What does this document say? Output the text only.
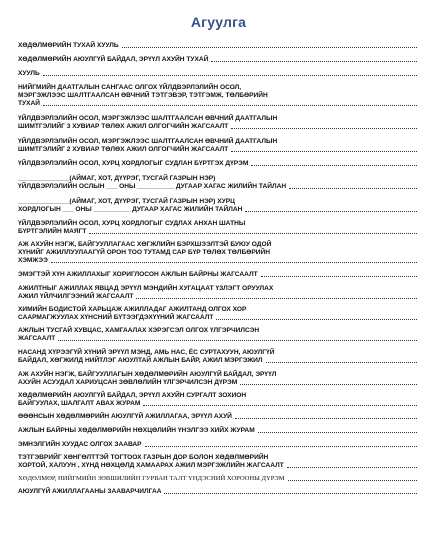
Агуулга
ХӨДӨЛМӨРИЙН ТУХАЙ ХУУЛЬ
ХӨДӨЛМӨРИЙН АЮУЛГҮЙ БАЙДАЛ, ЭРҮҮЛ АХУЙН ТУХАЙ
ХУУЛЬ
НИЙГМИЙН ДААТГАЛЫН САНГААС ОЛГОХ ҮЙЛДВЭРЛЭЛИЙН ОСОЛ,
МЭРГЭЖЛЭЭС ШАЛТГААЛСАН ӨВЧНИЙ ТЭТГЭВЭР, ТЭТГЭМЖ, ТӨЛБӨРИЙН
ТУХАЙ
ҮЙЛДВЭРЛЭЛИЙН ОСОЛ, МЭРГЭЖЛЭЭС ШАЛТГААЛСАН ӨВЧНИЙ ДААТГАЛЫН
ШИМТГЭЛИЙГ 3 ХУВИАР ТӨЛӨХ АЖИЛ ОЛГОГЧИЙН ЖАГСААЛТ
ҮЙЛДВЭРЛЭЛИЙН ОСОЛ, МЭРГЭЖЛЭЭС ШАЛТГААЛСАН ӨВЧНИЙ ДААТГАЛЫН
ШИМТГЭЛИЙГ 2 ХУВИАР ТӨЛӨХ АЖИЛ ОЛГОГЧИЙН ЖАГСААЛТ
ҮЙЛДВЭРЛЭЛИЙН ОСОЛ, ХУРЦ ХОРДЛОГЫГ СУДЛАН БҮРТГЭХ ДҮРЭМ
______________(АЙМАГ, ХОТ, ДҮҮРЭГ, ТУСГАЙ ГАЗРЫН НЭР)
ҮЙЛДВЭРЛЭЛИЙН ОСЛЫН ___ ОНЫ __________ ДУГААР ХАГАС ЖИЛИЙН ТАЙЛАН
______________(АЙМАГ, ХОТ, ДҮҮРЭГ, ТУСГАЙ ГАЗРЫН НЭР) ХУРЦ
ХОРДЛОГЫН ___ ОНЫ __________ ДУГААР ХАГАС ЖИЛИЙН ТАЙЛАН
ҮЙЛДВЭРЛЭЛИЙН ОСОЛ, ХУРЦ ХОРДЛОГЫГ СУДЛАХ АНХАН ШАТНЫ
БҮРТГЭЛИЙН МАЯГТ
АЖ АХУЙН НЭГЖ, БАЙГУУЛЛАГААС ХӨГЖЛИЙН БЭРХШЭЭЛТЭЙ БУЮУ ОДОЙ
ХҮНИЙГ АЖИЛЛУУЛААГҮЙ ОРОН ТОО ТУТАМД САР БҮР ТӨЛӨХ ТӨЛБӨРИЙН
ХЭМЖЭЭ
ЭМЭГТЭЙ ХҮН АЖИЛЛАХЫГ ХОРИГЛОСОН АЖЛЫН БАЙРНЫ ЖАГСААЛТ
АЖИЛТНЫГ АЖИЛЛАХ ЯВЦАД ЭРҮҮЛ МЭНДИЙН ХУГАЦААТ ҮЗЛЭГТ ОРУУЛАХ
АЖИЛ ҮЙЛЧИЛГЭЭНИЙ ЖАГСААЛТ
ХИМИЙН БОДИСТОЙ ХАРЬЦАЖ АЖИЛЛАДАГ АЖИЛТАНД ОЛГОХ ХОР
СААРМАГЖУУЛАХ ХҮНСНИЙ БҮТЭЭГДЭХҮҮНИЙ ЖАГСААЛТ
АЖЛЫН ТУСГАЙ ХУВЦАС, ХАМГААЛАХ ХЭРЭГСЭЛ ОЛГОХ ҮЛГЭРЧИЛСЭН
ЖАГСААЛТ
НАСАНД ХҮРЭЭГҮЙ ХҮНИЙ ЭРҮҮЛ МЭНД, АМЬ НАС, ЁС СУРТАХУУН, АЮУЛГҮЙ
БАЙДАЛ, ХӨГЖИЛД НИЙТЛЭГ АЮУЛТАЙ АЖЛЫН БАЙР, АЖИЛ МЭРГЭЖИЛ
АЖ АХУЙН НЭГЖ, БАЙГУУЛЛАГЫН ХӨДӨЛМӨРИЙН АЮУЛГҮЙ БАЙДАЛ, ЭРҮҮЛ
АХУЙН АСУУДАЛ ХАРИУЦСАН ЗӨВЛӨЛИЙН ҮЛГЭРЧИЛСЭН ДҮРЭМ
ХӨДӨЛМӨРИЙН АЮУЛГҮЙ БАЙДАЛ, ЭРҮҮЛ АХУЙН СУРГАЛТ ЗОХИОН
БАЙГУУЛАХ, ШАЛГАЛТ АВАХ ЖУРАМ
ӨӨӨНСЫН ХӨДӨЛМӨРИЙН АЮУЛГҮЙ АЖИЛЛАГАА, ЭРҮҮЛ АХУЙ
АЖЛЫН БАЙРНЫ ХӨДӨЛМӨРИЙН НӨХЦӨЛИЙН ҮНЭЛГЭЭ ХИЙХ ЖУРАМ
ЭМНЭЛГИЙН ХУУДАС ОЛГОХ ЗААВАР
ТЭТГЭВРИЙГ ХӨНГӨЛТТЭЙ ТОГТООХ ГАЗРЫН ДОР БОЛОН ХӨДӨЛМӨРИЙН
ХОРТОЙ, ХАЛУУН , ХҮНД НӨХЦӨЛД ХАМААРАХ АЖИЛ МЭРГЭЖЛИЙН ЖАГСААЛТ
ХӨДӨЛМӨР, НИЙГМИЙН ЗӨВШИЛИЙН ГУРВАН ТАЛТ ҮНДЭСНИЙ ХОРООНЫ ДҮРЭМ
АЮУЛГҮЙ АЖИЛЛАГААНЫ ЗААВАРЧИЛГАА
